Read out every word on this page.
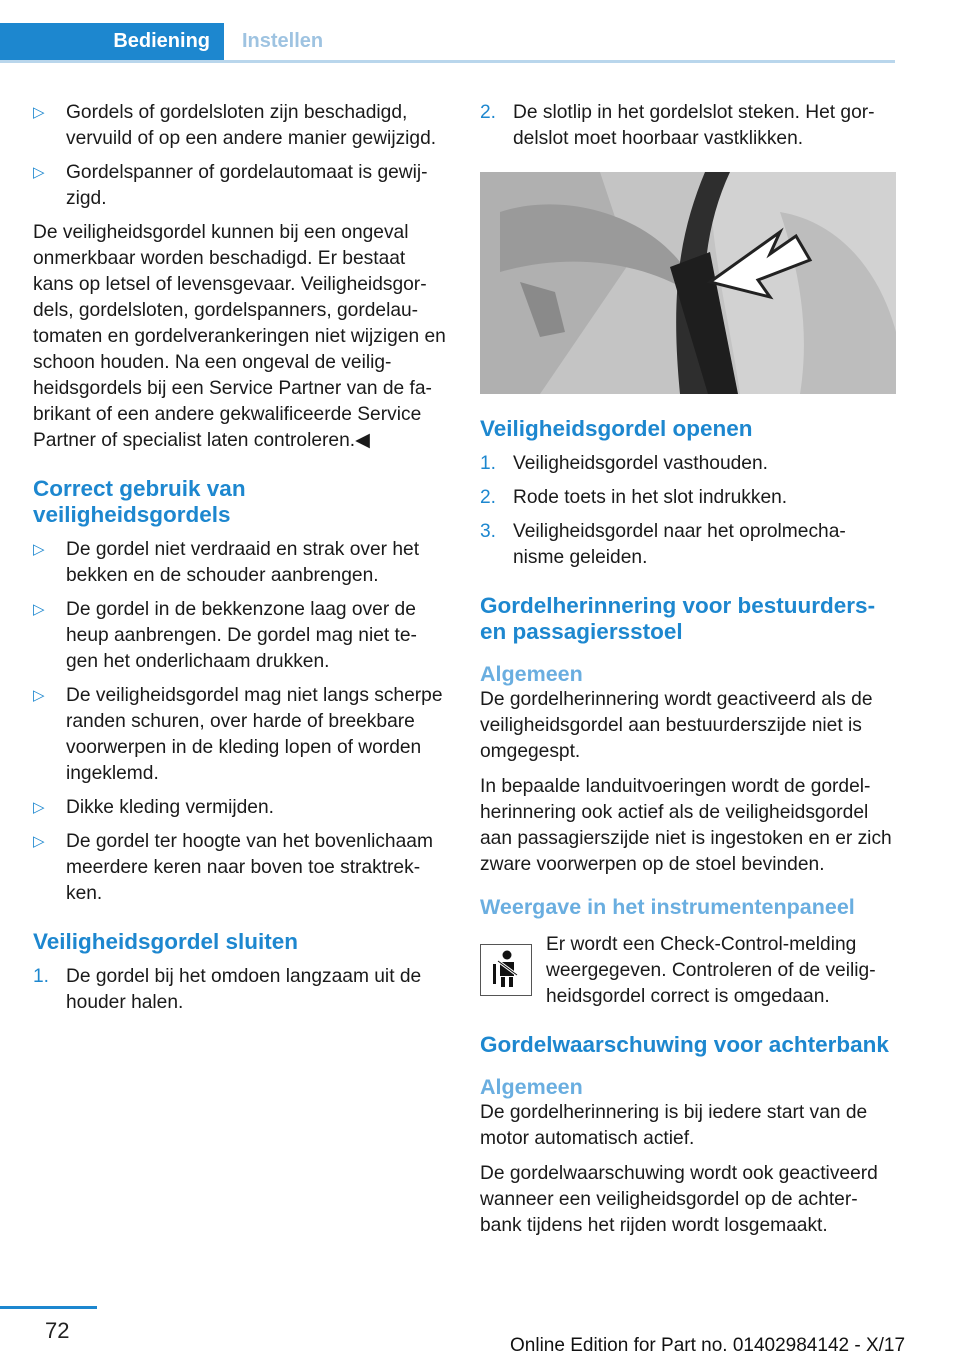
Bediening	Instellen
▷	Gordels of gordelsloten zijn beschadigd, vervuild of op een andere manier gewijzigd.
▷	Gordelspanner of gordelautomaat is gewij‐zigd.

De veiligheidsgordel kunnen bij een ongeval onmerkbaar worden beschadigd. Er bestaat kans op letsel of levensgevaar. Veiligheidsgor‐dels, gordelsloten, gordelspanners, gordelau‐tomaten en gordelverankeringen niet wijzigen en schoon houden. Na een ongeval de veilig‐heidsgordels bij een Service Partner van de fa‐brikant of een andere gekwalificeerde Service Partner of specialist laten controleren.◀

Correct gebruik van veiligheidsgordels
▷	De gordel niet verdraaid en strak over het bekken en de schouder aanbrengen.
▷	De gordel in de bekkenzone laag over de heup aanbrengen. De gordel mag niet te‐gen het onderlichaam drukken.
▷	De veiligheidsgordel mag niet langs scherpe randen schuren, over harde of breekbare voorwerpen in de kleding lopen of worden ingeklemd.
▷	Dikke kleding vermijden.
▷	De gordel ter hoogte van het bovenlichaam meerdere keren naar boven toe straktrek‐ken.
Veiligheidsgordel sluiten
1. De gordel bij het omdoen langzaam uit de houder halen.
2. De slotlip in het gordelslot steken. Het gor‐delslot moet hoorbaar vastklikken.
Veiligheidsgordel openen
1. Veiligheidsgordel vasthouden.
2. Rode toets in het slot indrukken.
3. Veiligheidsgordel naar het oprolmecha‐nisme geleiden.
Gordelherinnering voor bestuurders- en passagiersstoel
Algemeen

De gordelherinnering wordt geactiveerd als de veiligheidsgordel aan bestuurderszijde niet is omgegespt.

In bepaalde landuitvoeringen wordt de gordel‐herinnering ook actief als de veiligheidsgordel aan passagierszijde niet is ingestoken en er zich zware voorwerpen op de stoel bevinden.

Weergave in het instrumentenpaneel

Er wordt een Check-Control-melding weergegeven. Controleren of de veilig‐heidsgordel correct is omgedaan.

Gordelwaarschuwing voor achterbank
Algemeen

De gordelherinnering is bij iedere start van de motor automatisch actief.

De gordelwaarschuwing wordt ook geactiveerd wanneer een veiligheidsgordel op de achter‐bank tijdens het rijden wordt losgemaakt.

72
Online Edition for Part no. 01402984142 - X/17
